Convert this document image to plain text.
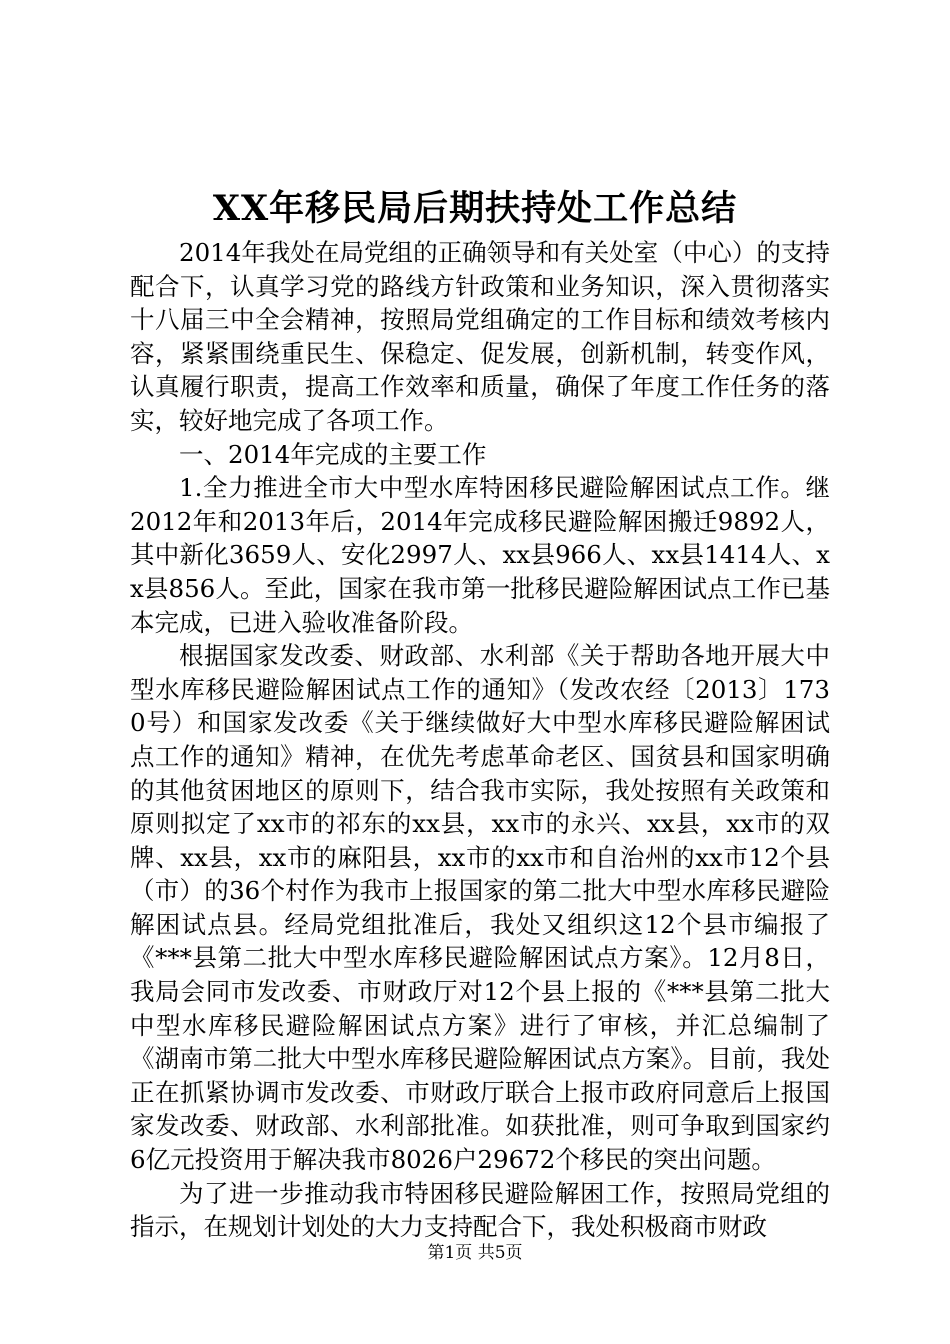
XX年移民局后期扶持处工作总结

2014年我处在局党组的正确领导和有关处室（中心）的支持配合下，认真学习党的路线方针政策和业务知识，深入贯彻落实十八届三中全会精神，按照局党组确定的工作目标和绩效考核内容，紧紧围绕重民生、保稳定、促发展，创新机制，转变作风，认真履行职责，提高工作效率和质量，确保了年度工作任务的落实，较好地完成了各项工作。

一、2014年完成的主要工作

1.全力推进全市大中型水库特困移民避险解困试点工作。继2012年和2013年后，2014年完成移民避险解困搬迁9892人，其中新化3659人、安化2997人、xx县966人、xx县1414人、xx县856人。至此，国家在我市第一批移民避险解困试点工作已基本完成，已进入验收准备阶段。

根据国家发改委、财政部、水利部《关于帮助各地开展大中型水库移民避险解困试点工作的通知》（发改农经〔2013〕1730号）和国家发改委《关于继续做好大中型水库移民避险解困试点工作的通知》精神，在优先考虑革命老区、国贫县和国家明确的其他贫困地区的原则下，结合我市实际，我处按照有关政策和原则拟定了xx市的祁东的xx县，xx市的永兴、xx县，xx市的双牌、xx县，xx市的麻阳县，xx市的xx市和自治州的xx市12个县（市）的36个村作为我市上报国家的第二批大中型水库移民避险解困试点县。经局党组批准后，我处又组织这12个县市编报了《***县第二批大中型水库移民避险解困试点方案》。12月8日，我局会同市发改委、市财政厅对12个县上报的《***县第二批大中型水库移民避险解困试点方案》进行了审核，并汇总编制了《湖南市第二批大中型水库移民避险解困试点方案》。目前，我处正在抓紧协调市发改委、市财政厅联合上报市政府同意后上报国家发改委、财政部、水利部批准。如获批准，则可争取到国家约6亿元投资用于解决我市8026户29672个移民的突出问题。

为了进一步推动我市特困移民避险解困工作，按照局党组的指示，在规划计划处的大力支持配合下，我处积极商市财政

第1页 共5页
